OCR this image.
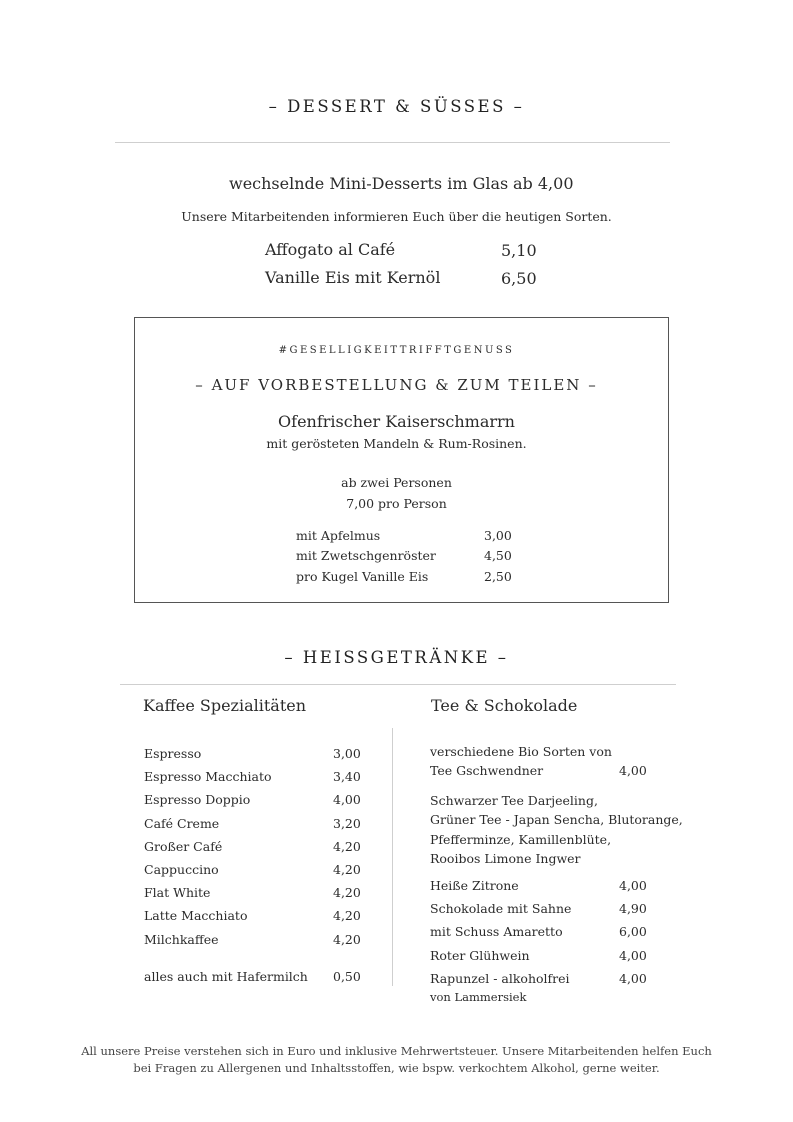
– DESSERT & SÜSSES –
wechselnde Mini-Desserts im Glas ab 4,00
Unsere Mitarbeitenden informieren Euch über die heutigen Sorten.
Affogato al Café	5,10
Vanille Eis mit Kernöl	6,50
#GESELLIGKEITTRIFFTGENUSS
– AUF VORBESTELLUNG & ZUM TEILEN –
Ofenfrischer Kaiserschmarrn
mit gerösteten Mandeln & Rum-Rosinen.
ab zwei Personen
7,00 pro Person
mit Apfelmus	3,00
mit Zwetschgenröster	4,50
pro Kugel Vanille Eis	2,50
– HEISSGETRÄNKE –
Kaffee Spezialitäten	Tee & Schokolade
Espresso	3,00
Espresso Macchiato	3,40
Espresso Doppio	4,00
Café Creme	3,20
Großer Café	4,20
Cappuccino	4,20
Flat White	4,20
Latte Macchiato	4,20
Milchkaffee	4,20
alles auch mit Hafermilch 0,50
verschiedene Bio Sorten von
Tee Gschwendner	4,00
Schwarzer Tee Darjeeling,
Grüner Tee - Japan Sencha, Blutorange,
Pfefferminze, Kamillenblüte,
Rooibos Limone Ingwer
Heiße Zitrone	4,00
Schokolade mit Sahne	4,90
mit Schuss Amaretto	6,00
Roter Glühwein	4,00
Rapunzel - alkoholfrei	4,00
von Lammersiek
All unsere Preise verstehen sich in Euro und inklusive Mehrwertsteuer. Unsere Mitarbeitenden helfen Euch
bei Fragen zu Allergenen und Inhaltsstoffen, wie bspw. verkochtem Alkohol, gerne weiter.
